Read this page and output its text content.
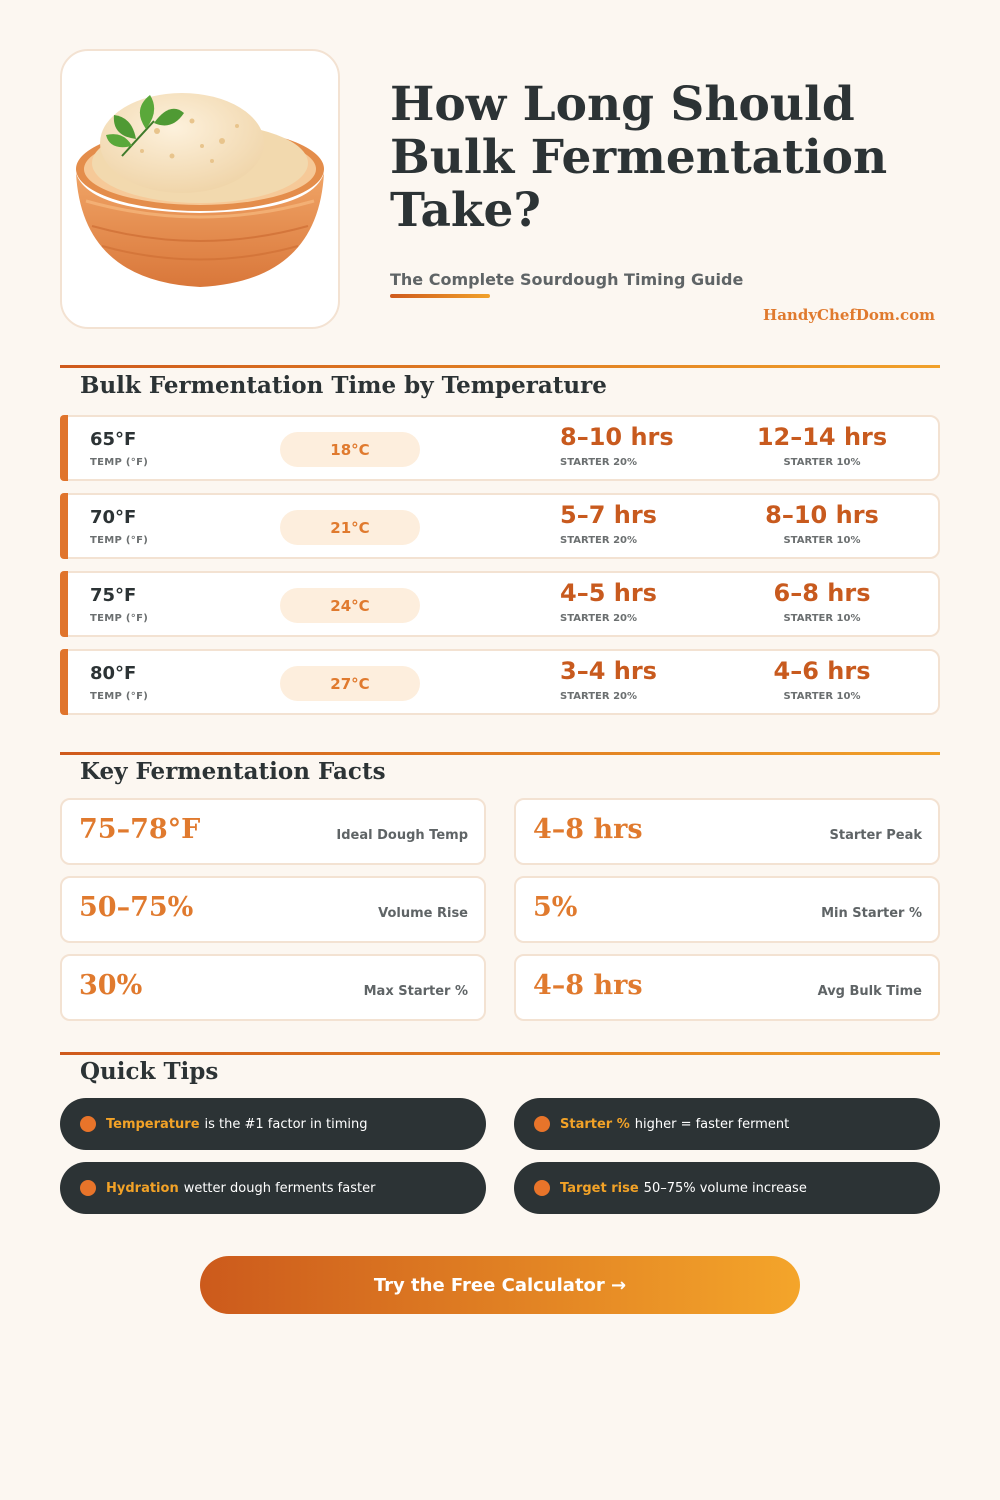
How Long Should Bulk Fermentation Take?
The Complete Sourdough Timing Guide
HandyChefDom.com
Bulk Fermentation Time by Temperature
65°F
TEMP (°F)
18°C	8–10 hrs
STARTER 20%
12–14 hrs
STARTER 10%
70°F
TEMP (°F)
21°C	5–7 hrs
STARTER 20%
8–10 hrs
STARTER 10%
75°F
TEMP (°F)
24°C	4–5 hrs
STARTER 20%
6–8 hrs
STARTER 10%
80°F
TEMP (°F)
27°C	3–4 hrs
STARTER 20%
4–6 hrs
STARTER 10%
Key Fermentation Facts
75–78°F	Ideal Dough Temp 4–8 hrs	Starter Peak
50–75%	Volume Rise 5%	Min Starter %
30%	Max Starter % 4–8 hrs	Avg Bulk Time
Quick Tips
Temperature is the #1 factor in timing	Starter % higher = faster ferment
Hydration wetter dough ferments faster	Target rise 50–75% volume increase
Try the Free Calculator →
